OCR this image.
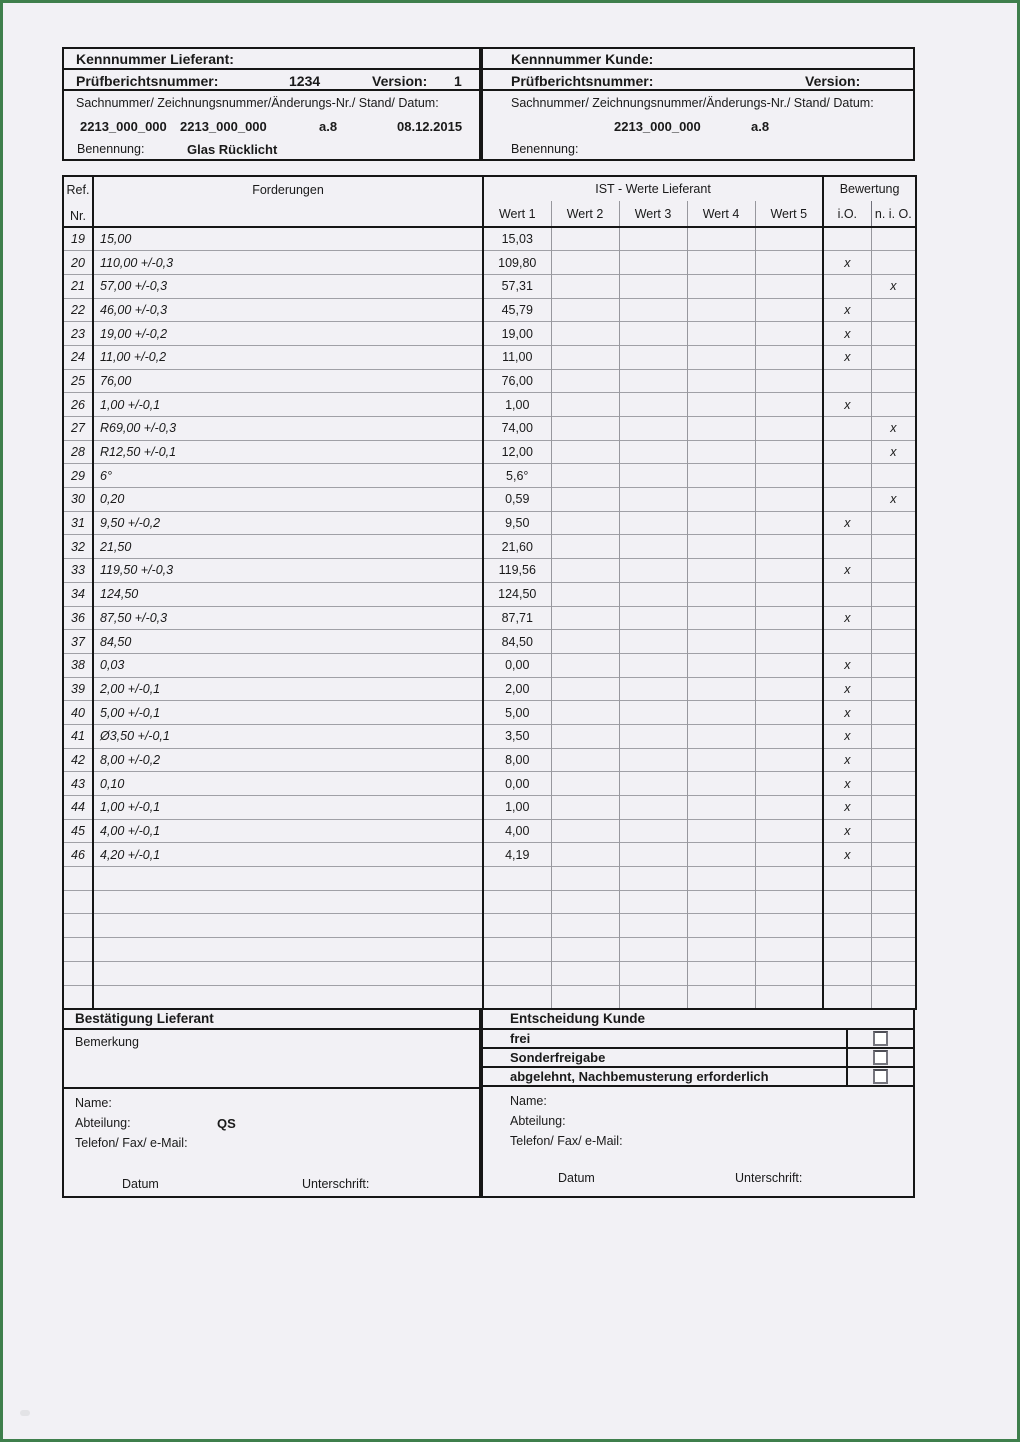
Kennnummer Lieferant:
Prüfberichtsnummer:	1234	Version: 1
Sachnummer/ Zeichnungsnummer/Änderungs-Nr./ Stand/ Datum:
2213_000_000 2213_000_000	a.8	08.12.2015
Benennung:	Glas Rücklicht
Kennnummer Kunde:
Prüfberichtsnummer:	Version:
Sachnummer/ Zeichnungsnummer/Änderungs-Nr./ Stand/ Datum:
2213_000_000	a.8
Benennung:
Ref.
Nr.	Forderungen	IST - Werte Lieferant					Bewertung	
		Wert 1	Wert 2	Wert 3	Wert 4	Wert 5	i.O.	n. i. O.
19	15,00	15,03						
20	110,00 +/-0,3	109,80					x	
21	57,00 +/-0,3	57,31						x
22	46,00 +/-0,3	45,79					x	
23	19,00 +/-0,2	19,00					x	
24	11,00 +/-0,2	11,00					x	
25	76,00	76,00						
26	1,00 +/-0,1	1,00					x	
27	R69,00 +/-0,3	74,00						x
28	R12,50 +/-0,1	12,00						x
29	6°	5,6°						
30	0,20	0,59						x
31	9,50 +/-0,2	9,50					x	
32	21,50	21,60						
33	119,50 +/-0,3	119,56					x	
34	124,50	124,50						
36	87,50 +/-0,3	87,71					x	
37	84,50	84,50						
38	0,03	0,00					x	
39	2,00 +/-0,1	2,00					x	
40	5,00 +/-0,1	5,00					x	
41	Ø3,50 +/-0,1	3,50					x	
42	8,00 +/-0,2	8,00					x	
43	0,10	0,00					x	
44	1,00 +/-0,1	1,00					x	
45	4,00 +/-0,1	4,00					x	
46	4,20 +/-0,1	4,19					x	

Bestätigung Lieferant
Bemerkung
Name:
Abteilung:	QS
Telefon/ Fax/ e-Mail:
Datum	Unterschrift:
Entscheidung Kunde
frei
Sonderfreigabe
abgelehnt, Nachbemusterung erforderlich
Name:
Abteilung:
Telefon/ Fax/ e-Mail:
Datum	Unterschrift:
